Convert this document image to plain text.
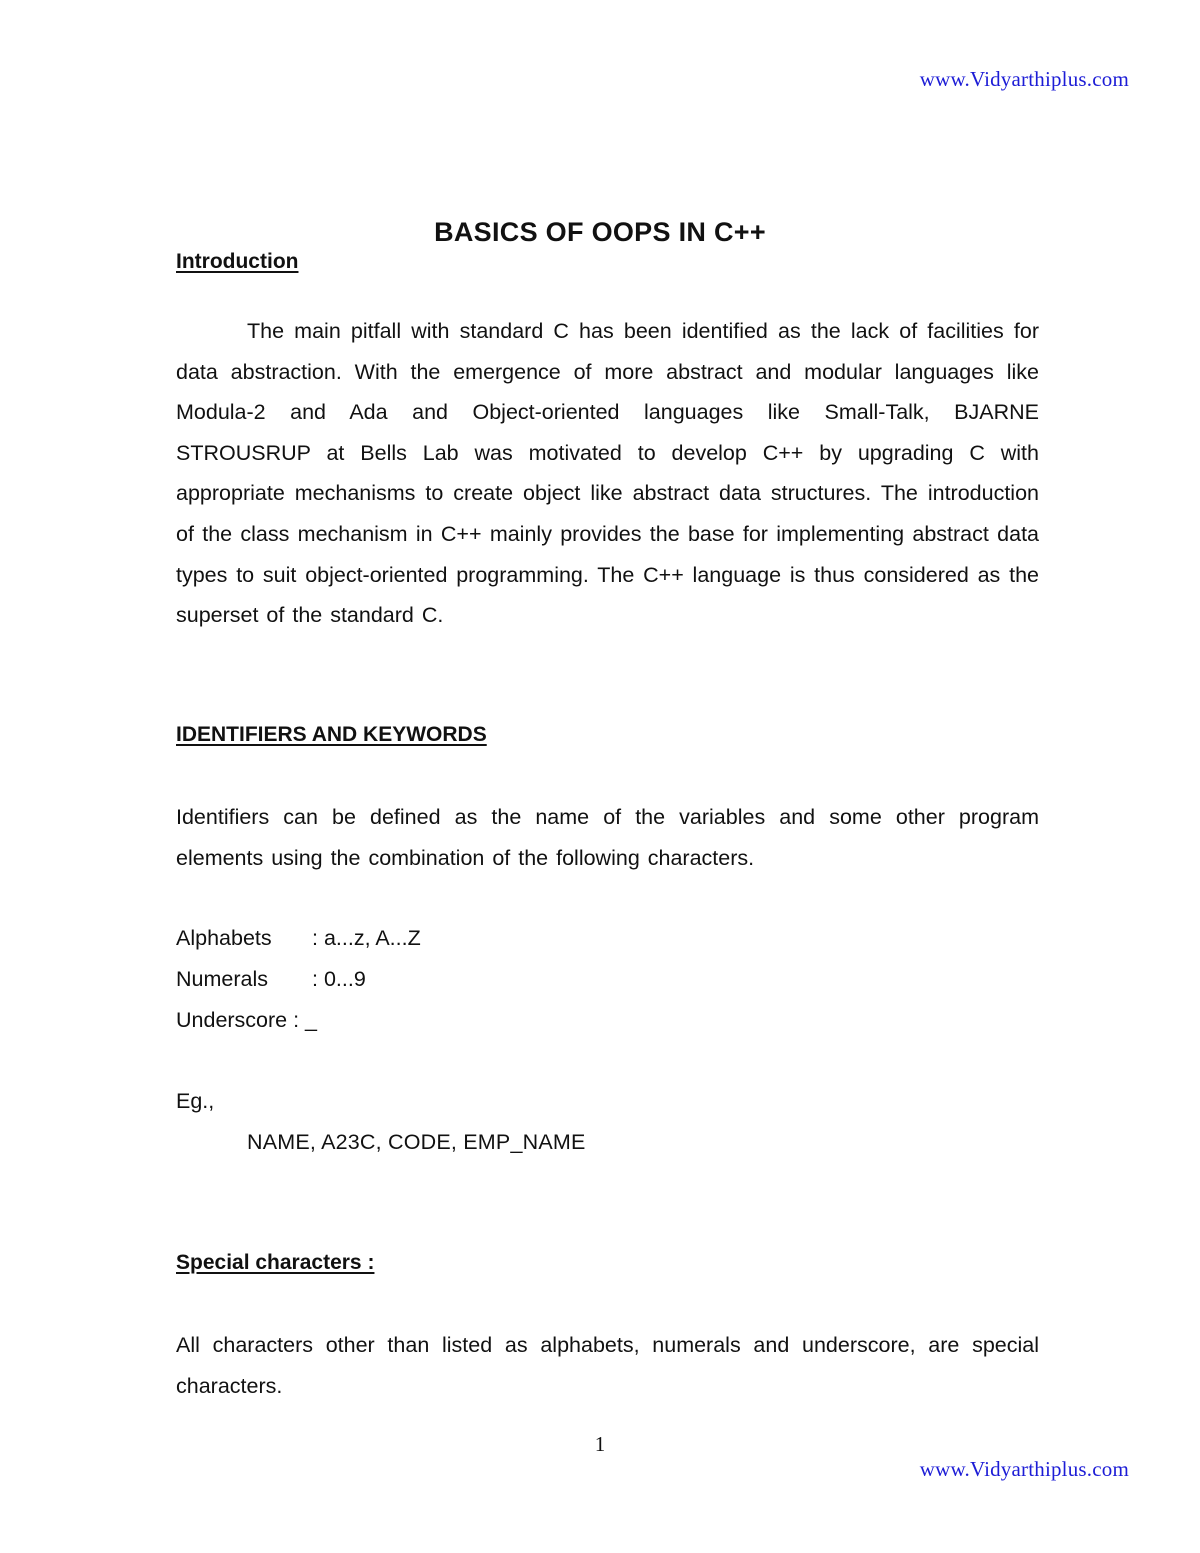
www.Vidyarthiplus.com
BASICS OF OOPS IN C++
Introduction
The main pitfall with standard C has been identified as the lack of facilities for data abstraction. With the emergence of more abstract and modular languages like Modula-2 and Ada and Object-oriented languages like Small-Talk, BJARNE STROUSRUP at Bells Lab was motivated to develop C++ by upgrading C with appropriate mechanisms to create object like abstract data structures. The introduction of the class mechanism in C++ mainly provides the base for implementing abstract data types to suit object-oriented programming. The C++ language is thus considered as the superset of the standard C.
IDENTIFIERS AND KEYWORDS
Identifiers can be defined as the name of the variables and some other program elements using the combination of the following characters.
Alphabets : a...z, A...Z
Numerals : 0...9
Underscore : _
Eg.,
NAME, A23C, CODE, EMP_NAME
Special characters :
All characters other than listed as alphabets, numerals and underscore, are special characters.
1
www.Vidyarthiplus.com
